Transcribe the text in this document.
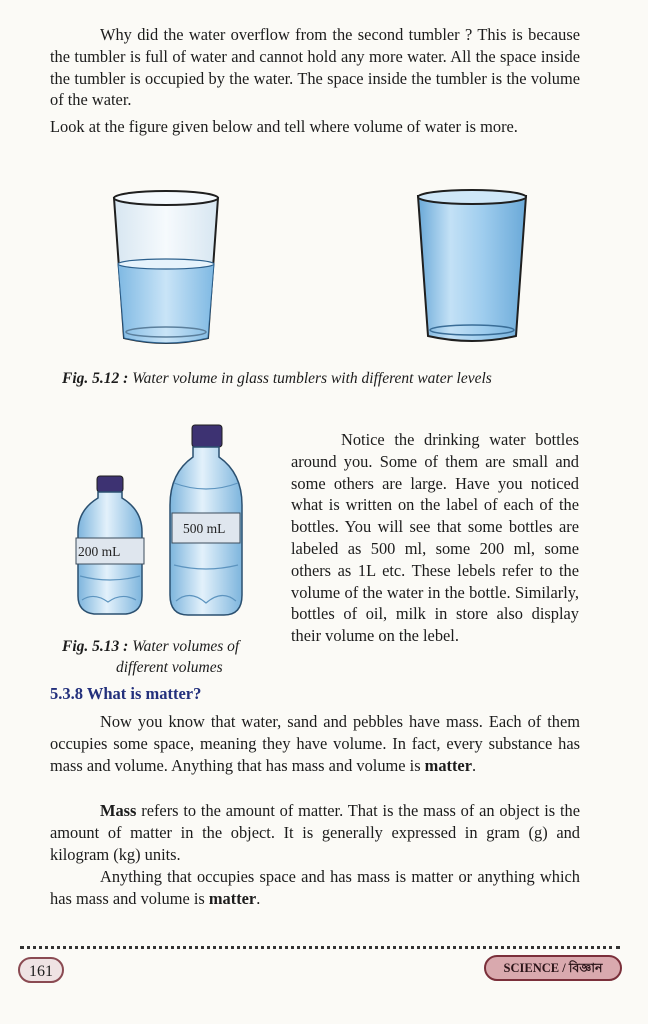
Why did the water overflow from the second tumbler ? This is because the tumbler is full of water and cannot hold any more water. All the space inside the tumbler is occupied by the water. The space inside the tumbler is the volume of the water.

Look at the figure given below and tell where volume of water is more.

Fig. 5.12 : Water volume in glass tumblers with different water levels

200 mL
500 mL

Fig. 5.13 : Water volumes of

different volumes

Notice the drinking water bottles around you. Some of them are small and some others are large. Have you noticed what is written on the label of each of the bottles. You will see that some bottles are labeled as 500 ml, some 200 ml, some others as 1L etc. These lebels refer to the volume of the water in the bottle. Similarly, bottles of oil, milk in store also display their volume on the lebel.

5.3.8 What is matter?

Now you know that water, sand and pebbles have mass. Each of them occupies some space, meaning they have volume. In fact, every substance has mass and volume. Anything that has mass and volume is matter.

Mass refers to the amount of matter. That is the mass of an object is the amount of matter in the object. It is generally expressed in gram (g) and kilogram (kg) units.

Anything that occupies space and has mass is matter or anything which has mass and volume is matter.

161	SCIENCE / বিজ্ঞান
